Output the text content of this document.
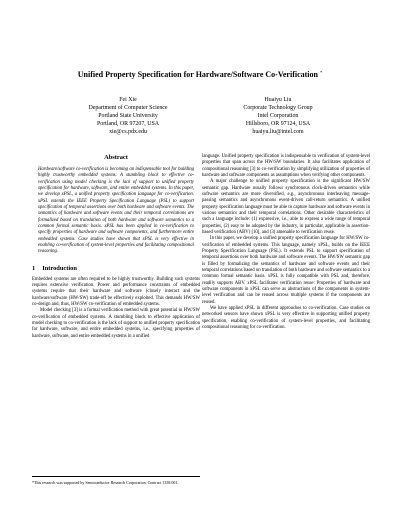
Unified Property Specification for Hardware/Software Co-Verification *
Fei Xie
Department of Computer Science
Portland State University
Portland, OR 97207, USA
xie@cs.pdx.edu
Huaiyu Liu
Corporate Technology Group
Intel Corporation
Hillsboro, OR 97124, USA
huaiyu.liu@intel.com
Abstract

Hardware/software co-verification is becoming an indispensable tool for building highly trustworthy embedded systems. A stumbling block to effective co-verification using model checking is the lack of support to unified property specification for hardware, software, and entire embedded systems. In this paper, we develop xPSL, a unified property specification language for co-verification. xPSL extends the IEEE Property Specification Language (PSL) to support specification of temporal assertions over both hardware and software events. The semantics of hardware and software events and their temporal correlations are formalized based on translation of both hardware and software semantics to a common formal semantic basis. xPSL has been applied in co-verification to specify properties of hardware and software components, and furthermore entire embedded systems. Case studies have shown that xPSL is very effective in enabling co-verification of system-level properties and facilitating compositional reasoning.

1 Introduction

Embedded systems are often required to be highly trustworthy. Building such systems requires extensive verification. Power and performance constraints of embedded systems require that their hardware and software (closely interact and the hardware/software (HW/SW) trade-off be effectively exploited. This demands HW/SW co-design and, thus, HW/SW co-verification of embedded systems.

Model checking [3] is a formal verification method with great potential in HW/SW co-verification of embedded systems. A stumbling block to effective application of model checking to co-verification is the lack of support to unified property specification for hardware, software, and entire embedded systems, i.e., specifying properties of hardware, software, and entire embedded systems in a unified

language. Unified property specification is indispensable to verification of system-level properties that span across the HW/SW boundaries. It also facilitates application of compositional reasoning [3] to co-verification by simplifying utilization of properties of hardware and software components as assumptions when verifying other components.

A major challenge to unified property specification is the significant HW/SW semantic gap. Hardware usually follows synchronous clock-driven semantics while software semantics are more diversified, e.g., asynchronous interleaving message-passing semantics and asynchronous event-driven call-return semantics. A unified property specification language must be able to capture hardware and software events in various semantics and their temporal correlations. Other desirable characteristics of such a language include: (1) expressive, i.e., able to express a wide range of temporal properties, (2) easy to be adopted by the industry, in particular, applicable in assertion-based verification (ABV) [10], and (3) amenable to verification reuse.

In this paper, we develop a unified property specification language for HW/SW co-verification of embedded systems. This language, namely xPSL, builds on the IEEE Property Specification Language (PSL). It extends PSL to support specification of temporal assertions over both hardware and software events. The HW/SW semantic gap is filled by formalizing the semantics of hardware and software events and their temporal correlations based on translation of both hardware and software semantics to a common formal semantic basis. xPSL is fully compatible with PSL and, therefore, readily supports ABV. xPSL facilitates verification reuse: Properties of hardware and software components in xPSL can serve as abstractions of the components in system-level verification and can be reused across multiple systems if the components are reused.

We have applied xPSL in different approaches to co-verification. Case studies on networked sensors have shown xPSL is very effective in supporting unified property specification, enabling co-verification of system-level properties, and facilitating compositional reasoning for co-verification.

*This research was supported by Semiconductor Research Corporation. Contract 1358.001.
